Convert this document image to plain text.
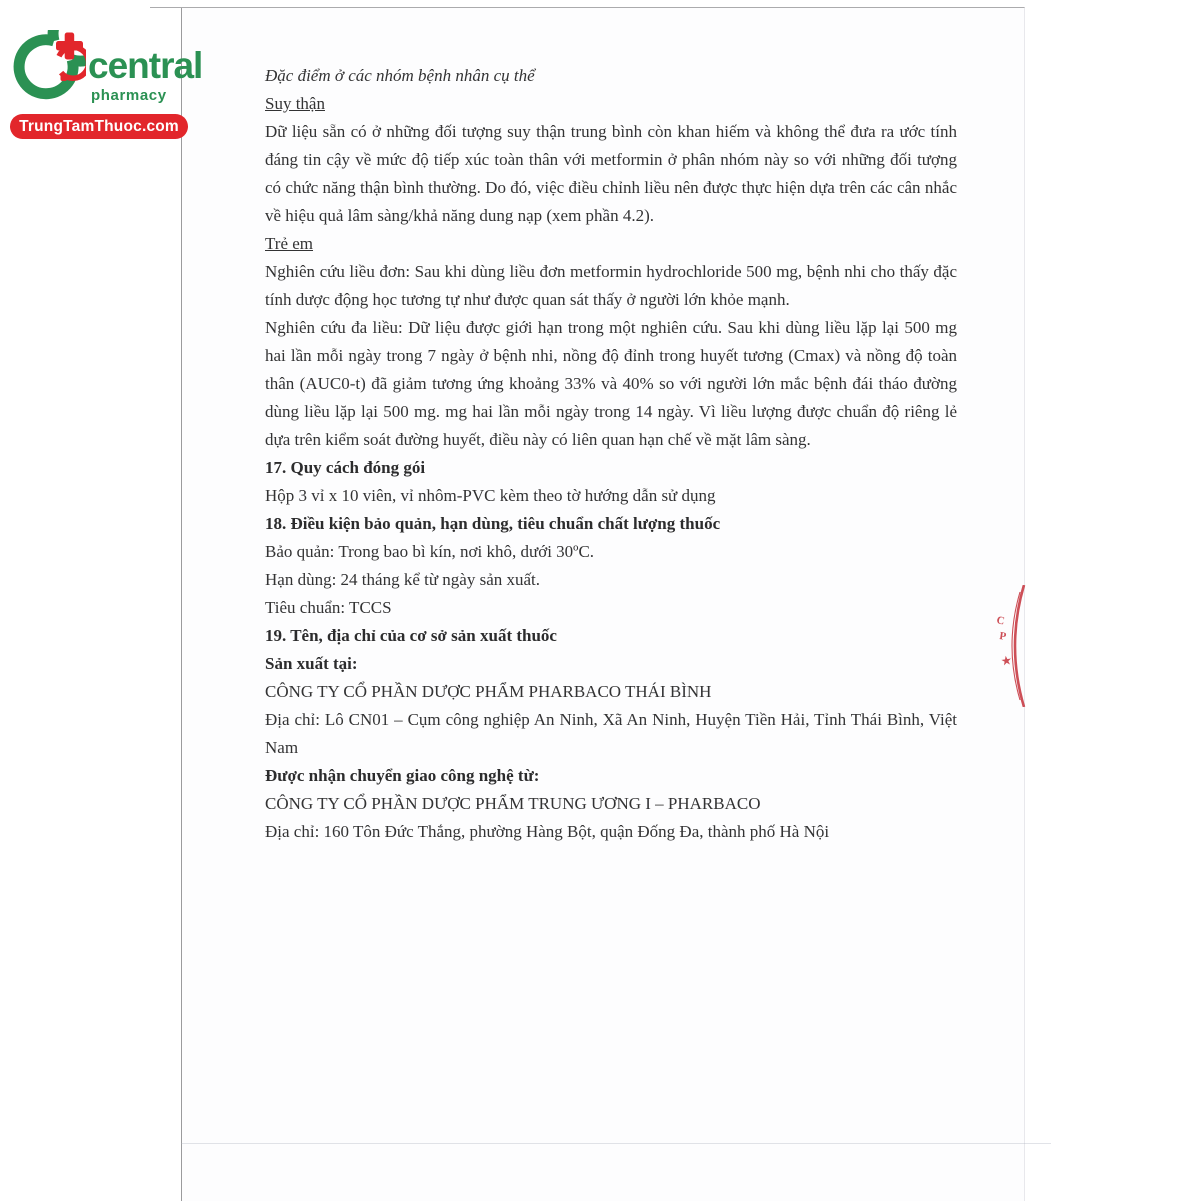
central
pharmacy
TrungTamThuoc.com

Đặc điểm ở các nhóm bệnh nhân cụ thể

Suy thận

Dữ liệu sẵn có ở những đối tượng suy thận trung bình còn khan hiếm và không thể đưa ra ước tính đáng tin cậy về mức độ tiếp xúc toàn thân với metformin ở phân nhóm này so với những đối tượng có chức năng thận bình thường. Do đó, việc điều chỉnh liều nên được thực hiện dựa trên các cân nhắc về hiệu quả lâm sàng/khả năng dung nạp (xem phần 4.2).

Trẻ em

Nghiên cứu liều đơn: Sau khi dùng liều đơn metformin hydrochloride 500 mg, bệnh nhi cho thấy đặc tính dược động học tương tự như được quan sát thấy ở người lớn khỏe mạnh.

Nghiên cứu đa liều: Dữ liệu được giới hạn trong một nghiên cứu. Sau khi dùng liều lặp lại 500 mg hai lần mỗi ngày trong 7 ngày ở bệnh nhi, nồng độ đỉnh trong huyết tương (Cmax) và nồng độ toàn thân (AUC0-t) đã giảm tương ứng khoảng 33% và 40% so với người lớn mắc bệnh đái tháo đường dùng liều lặp lại 500 mg. mg hai lần mỗi ngày trong 14 ngày. Vì liều lượng được chuẩn độ riêng lẻ dựa trên kiểm soát đường huyết, điều này có liên quan hạn chế về mặt lâm sàng.

17. Quy cách đóng gói

Hộp 3 vỉ x 10 viên, vỉ nhôm-PVC kèm theo tờ hướng dẫn sử dụng

18. Điều kiện bảo quản, hạn dùng, tiêu chuẩn chất lượng thuốc

Bảo quản: Trong bao bì kín, nơi khô, dưới 30ºC.

Hạn dùng: 24 tháng kể từ ngày sản xuất.

Tiêu chuẩn: TCCS

19. Tên, địa chỉ của cơ sở sản xuất thuốc

Sản xuất tại:

CÔNG TY CỔ PHẦN DƯỢC PHẨM PHARBACO THÁI BÌNH

Địa chỉ: Lô CN01 – Cụm công nghiệp An Ninh, Xã An Ninh, Huyện Tiền Hải, Tỉnh Thái Bình, Việt Nam

Được nhận chuyển giao công nghệ từ:

CÔNG TY CỔ PHẦN DƯỢC PHẨM TRUNG ƯƠNG I – PHARBACO

Địa chỉ: 160 Tôn Đức Thắng, phường Hàng Bột, quận Đống Đa, thành phố Hà Nội

C
P
★
